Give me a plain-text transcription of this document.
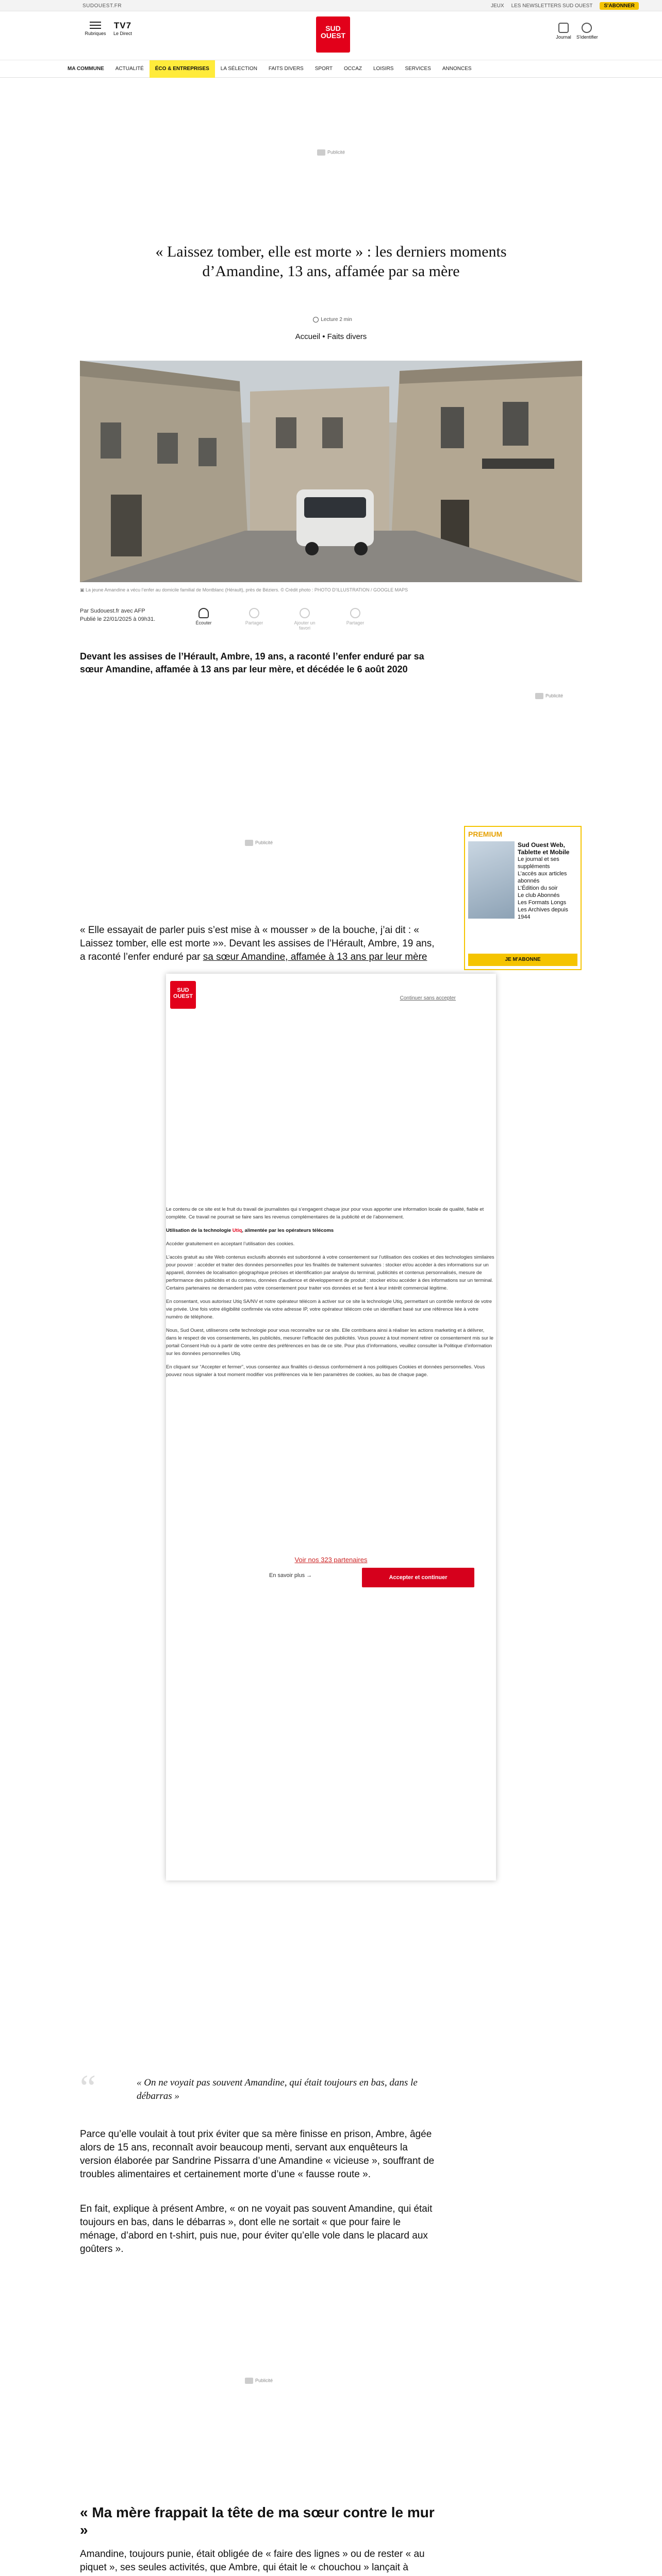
SUDOUEST.FR	JEUX LES NEWSLETTERS SUD OUEST	S'ABONNER
Rubriques
TV7
Le Direct
SUD
OUEST	Journal	S'identifier
MA COMMUNE	ACTUALITÉ	ÉCO & ENTREPRISES	LA SÉLECTION	FAITS DIVERS	SPORT	OCCAZ	LOISIRS	SERVICES	ANNONCES
Publicité
« Laissez tomber, elle est morte » : les derniers moments d’Amandine, 13 ans, affamée par sa mère
Lecture 2 min
Accueil • Faits divers
▣ La jeune Amandine a vécu l’enfer au domicile familial de Montblanc (Hérault), près de Béziers. © Crédit photo : PHOTO D’ILLUSTRATION / GOOGLE MAPS
Par Sudouest.fr avec AFP
Publié le 22/01/2025 à 09h31.
Écouter	Partager	Ajouter un favori
Partager

Devant les assises de l’Hérault, Ambre, 19 ans, a raconté l’enfer enduré par sa sœur Amandine, affamée à 13 ans par leur mère, et décédée le 6 août 2020

Publicité
Publicité
PREMIUM
Sud Ouest Web, Tablette et Mobile
Le journal et ses suppléments
L’accès aux articles abonnés
L’Édition du soir
Le club Abonnés
Les Formats Longs
Les Archives depuis 1944
JE M'ABONNE

« Elle essayait de parler puis s’est mise à « mousser » de la bouche, j’ai dit : « Laissez tomber, elle est morte »». Devant les assises de l’Hérault, Ambre, 19 ans, a raconté l’enfer enduré par sa sœur Amandine, affamée à 13 ans par leur mère

SUD
OUEST	Continuer sans accepter

Le contenu de ce site est le fruit du travail de journalistes qui s’engagent chaque jour pour vous apporter une information locale de qualité, fiable et complète. Ce travail ne pourrait se faire sans les revenus complémentaires de la publicité et de l’abonnement.

Utilisation de la technologie Utiq, alimentée par les opérateurs télécoms

Accéder gratuitement en acceptant l’utilisation des cookies.

L’accès gratuit au site Web contenus exclusifs abonnés est subordonné à votre consentement sur l’utilisation des cookies et des technologies similaires pour pouvoir : accéder et traiter des données personnelles pour les finalités de traitement suivantes : stocker et/ou accéder à des informations sur un appareil, données de localisation géographique précises et identification par analyse du terminal, publicités et contenus personnalisés, mesure de performance des publicités et du contenu, données d’audience et développement de produit ; stocker et/ou accéder à des informations sur un terminal. Certains partenaires ne demandent pas votre consentement pour traiter vos données et se fient à leur intérêt commercial légitime.

En consentant, vous autorisez Utiq SA/NV et notre opérateur télécom à activer sur ce site la technologie Utiq, permettant un contrôle renforcé de votre vie privée. Une fois votre éligibilité confirmée via votre adresse IP, votre opérateur télécom crée un identifiant basé sur une référence liée à votre numéro de téléphone.

Nous, Sud Ouest, utiliserons cette technologie pour vous reconnaître sur ce site. Elle contribuera ainsi à réaliser les actions marketing et à délivrer, dans le respect de vos consentements, les publicités, mesurer l’efficacité des publicités. Vous pouvez à tout moment retirer ce consentement mis sur le portail Consent Hub ou à partir de votre centre des préférences en bas de ce site. Pour plus d’informations, veuillez consulter la Politique d’information sur les données personnelles Utiq.

En cliquant sur “Accepter et fermer”, vous consentez aux finalités ci-dessus conformément à nos politiques Cookies et données personnelles. Vous pouvez nous signaler à tout moment modifier vos préférences via le lien paramètres de cookies, au bas de chaque page.

Voir nos 323 partenaires
En savoir plus →	Accepter et continuer
“	« On ne voyait pas souvent Amandine, qui était toujours en bas, dans le débarras »

Parce qu’elle voulait à tout prix éviter que sa mère finisse en prison, Ambre, âgée alors de 15 ans, reconnaît avoir beaucoup menti, servant aux enquêteurs la version élaborée par Sandrine Pissarra d’une Amandine « vicieuse », souffrant de troubles alimentaires et certainement morte d’une « fausse route ».

En fait, explique à présent Ambre, « on ne voyait pas souvent Amandine, qui était toujours en bas, dans le débarras », dont elle ne sortait « que pour faire le ménage, d’abord en t-shirt, puis nue, pour éviter qu’elle vole dans le placard aux goûters ».

Publicité
« Ma mère frappait la tête de ma sœur contre le mur »

Amandine, toujours punie, était obligée de « faire des lignes » ou de rester « au piquet », ses seules activités, que Ambre, qui était le « chouchou » lançait à
